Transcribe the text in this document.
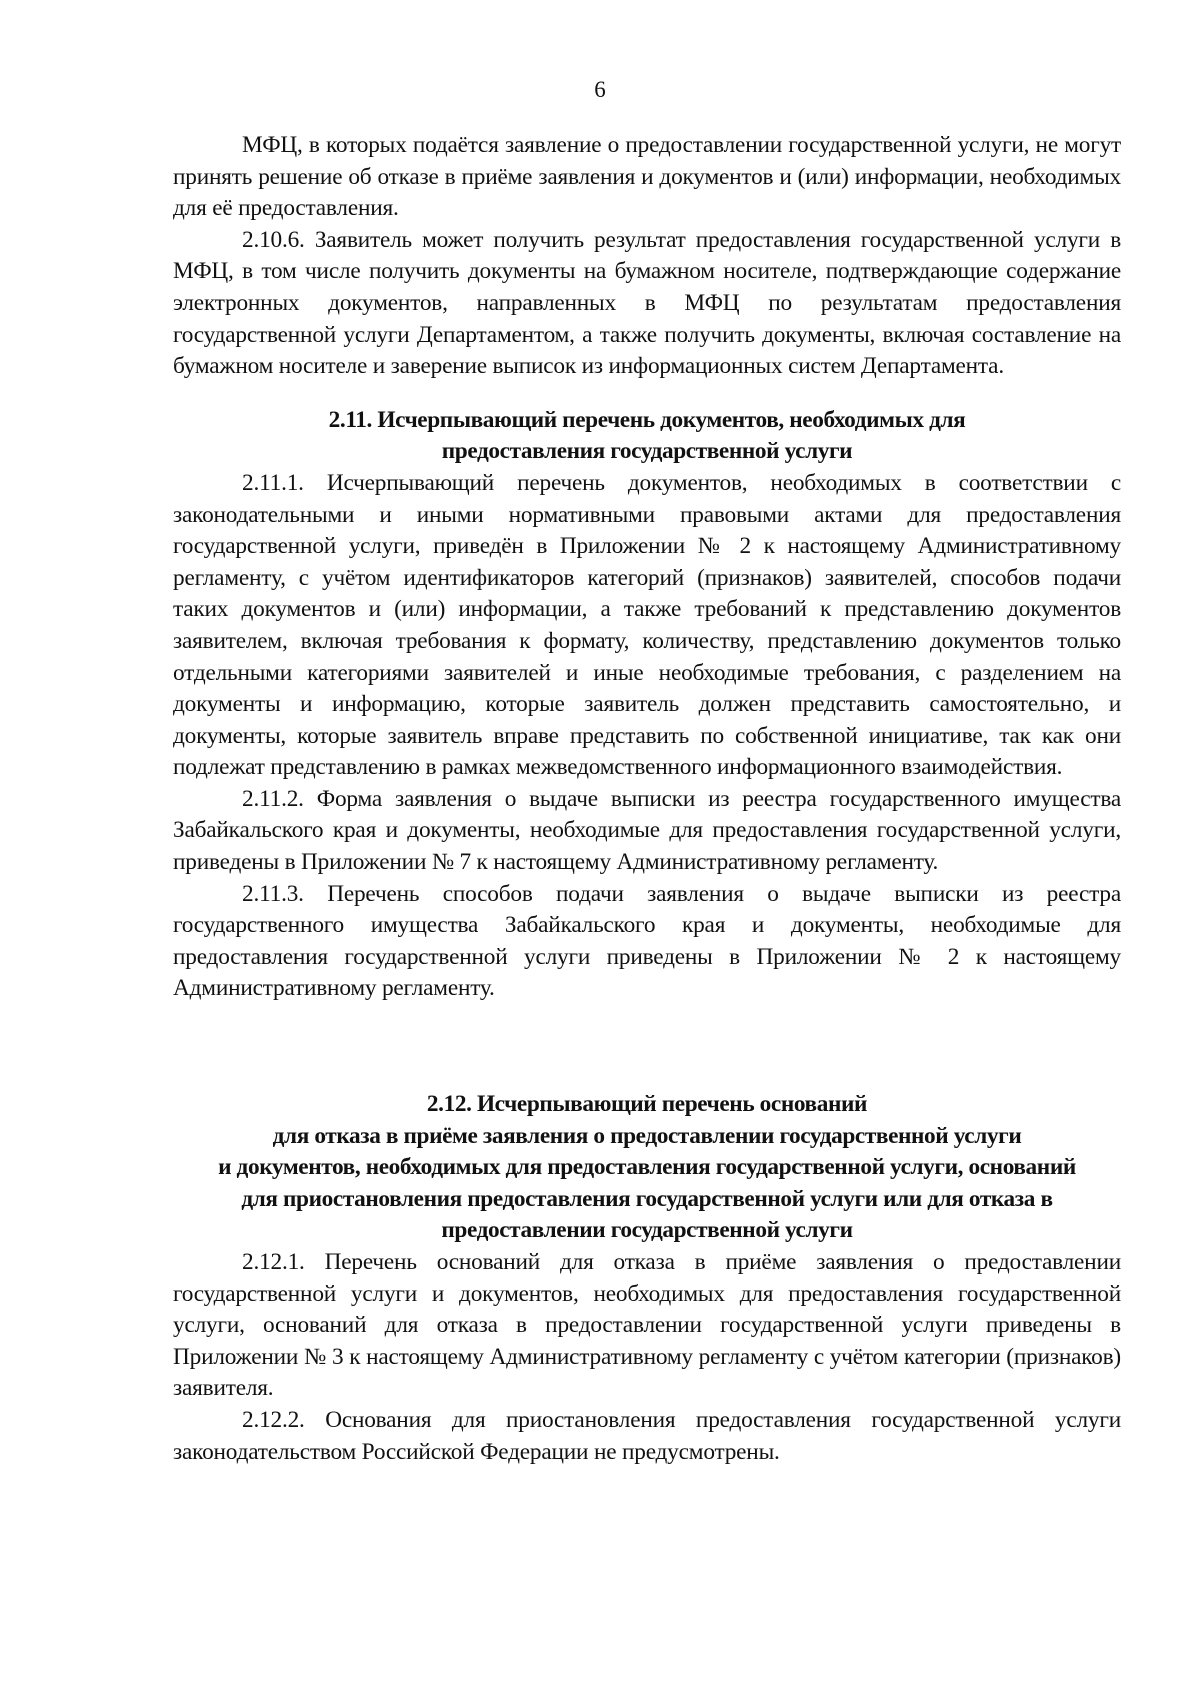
6

МФЦ, в которых подаётся заявление о предоставлении государственной услуги, не могут принять решение об отказе в приёме заявления и документов и (или) информации, необходимых для её предоставления.

2.10.6. Заявитель может получить результат предоставления государственной услуги в МФЦ, в том числе получить документы на бумажном носителе, подтверждающие содержание электронных документов, направленных в МФЦ по результатам предоставления государственной услуги Департаментом, а также получить документы, включая составление на бумажном носителе и заверение выписок из информационных систем Департамента.

2.11. Исчерпывающий перечень документов, необходимых для
предоставления государственной услуги

2.11.1. Исчерпывающий перечень документов, необходимых в соответствии с законодательными и иными нормативными правовыми актами для предоставления государственной услуги, приведён в Приложении № 2 к настоящему Административному регламенту, с учётом идентификаторов категорий (признаков) заявителей, способов подачи таких документов и (или) информации, а также требований к представлению документов заявителем, включая требования к формату, количеству, представлению документов только отдельными категориями заявителей и иные необходимые требования, с разделением на документы и информацию, которые заявитель должен представить самостоятельно, и документы, которые заявитель вправе представить по собственной инициативе, так как они подлежат представлению в рамках межведомственного информационного взаимодействия.

2.11.2. Форма заявления о выдаче выписки из реестра государственного имущества Забайкальского края и документы, необходимые для предоставления государственной услуги, приведены в Приложении № 7 к настоящему Административному регламенту.

2.11.3. Перечень способов подачи заявления о выдаче выписки из реестра государственного имущества Забайкальского края и документы, необходимые для предоставления государственной услуги приведены в Приложении № 2 к настоящему Административному регламенту.

2.12. Исчерпывающий перечень оснований
для отказа в приёме заявления о предоставлении государственной услуги
и документов, необходимых для предоставления государственной услуги, оснований
для приостановления предоставления государственной услуги или для отказа в
предоставлении государственной услуги

2.12.1. Перечень оснований для отказа в приёме заявления о предоставлении государственной услуги и документов, необходимых для предоставления государственной услуги, оснований для отказа в предоставлении государственной услуги приведены в Приложении № 3 к настоящему Административному регламенту с учётом категории (признаков) заявителя.

2.12.2. Основания для приостановления предоставления государственной услуги законодательством Российской Федерации не предусмотрены.
